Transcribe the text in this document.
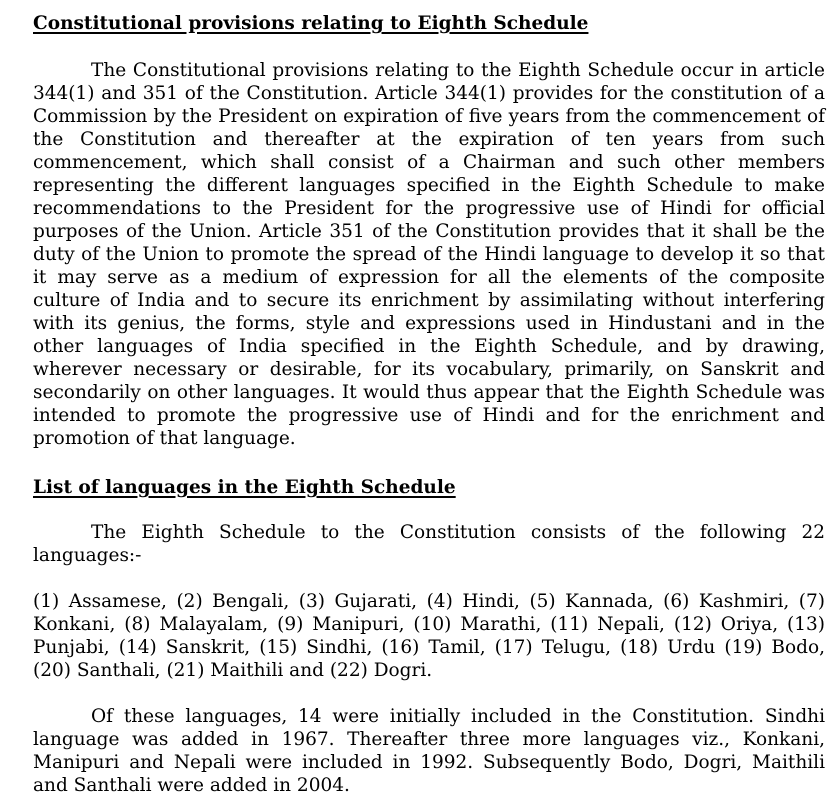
Constitutional provisions relating to Eighth Schedule

The Constitutional provisions relating to the Eighth Schedule occur in article 344(1) and 351 of the Constitution. Article 344(1) provides for the constitution of a Commission by the President on expiration of five years from the commencement of the Constitution and thereafter at the expiration of ten years from such commencement, which shall consist of a Chairman and such other members representing the different languages specified in the Eighth Schedule to make recommendations to the President for the progressive use of Hindi for official purposes of the Union. Article 351 of the Constitution provides that it shall be the duty of the Union to promote the spread of the Hindi language to develop it so that it may serve as a medium of expression for all the elements of the composite culture of India and to secure its enrichment by assimilating without interfering with its genius, the forms, style and expressions used in Hindustani and in the other languages of India specified in the Eighth Schedule, and by drawing, wherever necessary or desirable, for its vocabulary, primarily, on Sanskrit and secondarily on other languages. It would thus appear that the Eighth Schedule was intended to promote the progressive use of Hindi and for the enrichment and promotion of that language.

List of languages in the Eighth Schedule

The Eighth Schedule to the Constitution consists of the following 22 languages:-

(1) Assamese, (2) Bengali, (3) Gujarati, (4) Hindi, (5) Kannada, (6) Kashmiri, (7) Konkani, (8) Malayalam, (9) Manipuri, (10) Marathi, (11) Nepali, (12) Oriya, (13) Punjabi, (14) Sanskrit, (15) Sindhi, (16) Tamil, (17) Telugu, (18) Urdu (19) Bodo, (20) Santhali, (21) Maithili and (22) Dogri.

Of these languages, 14 were initially included in the Constitution. Sindhi language was added in 1967. Thereafter three more languages viz., Konkani, Manipuri and Nepali were included in 1992. Subsequently Bodo, Dogri, Maithili and Santhali were added in 2004.
